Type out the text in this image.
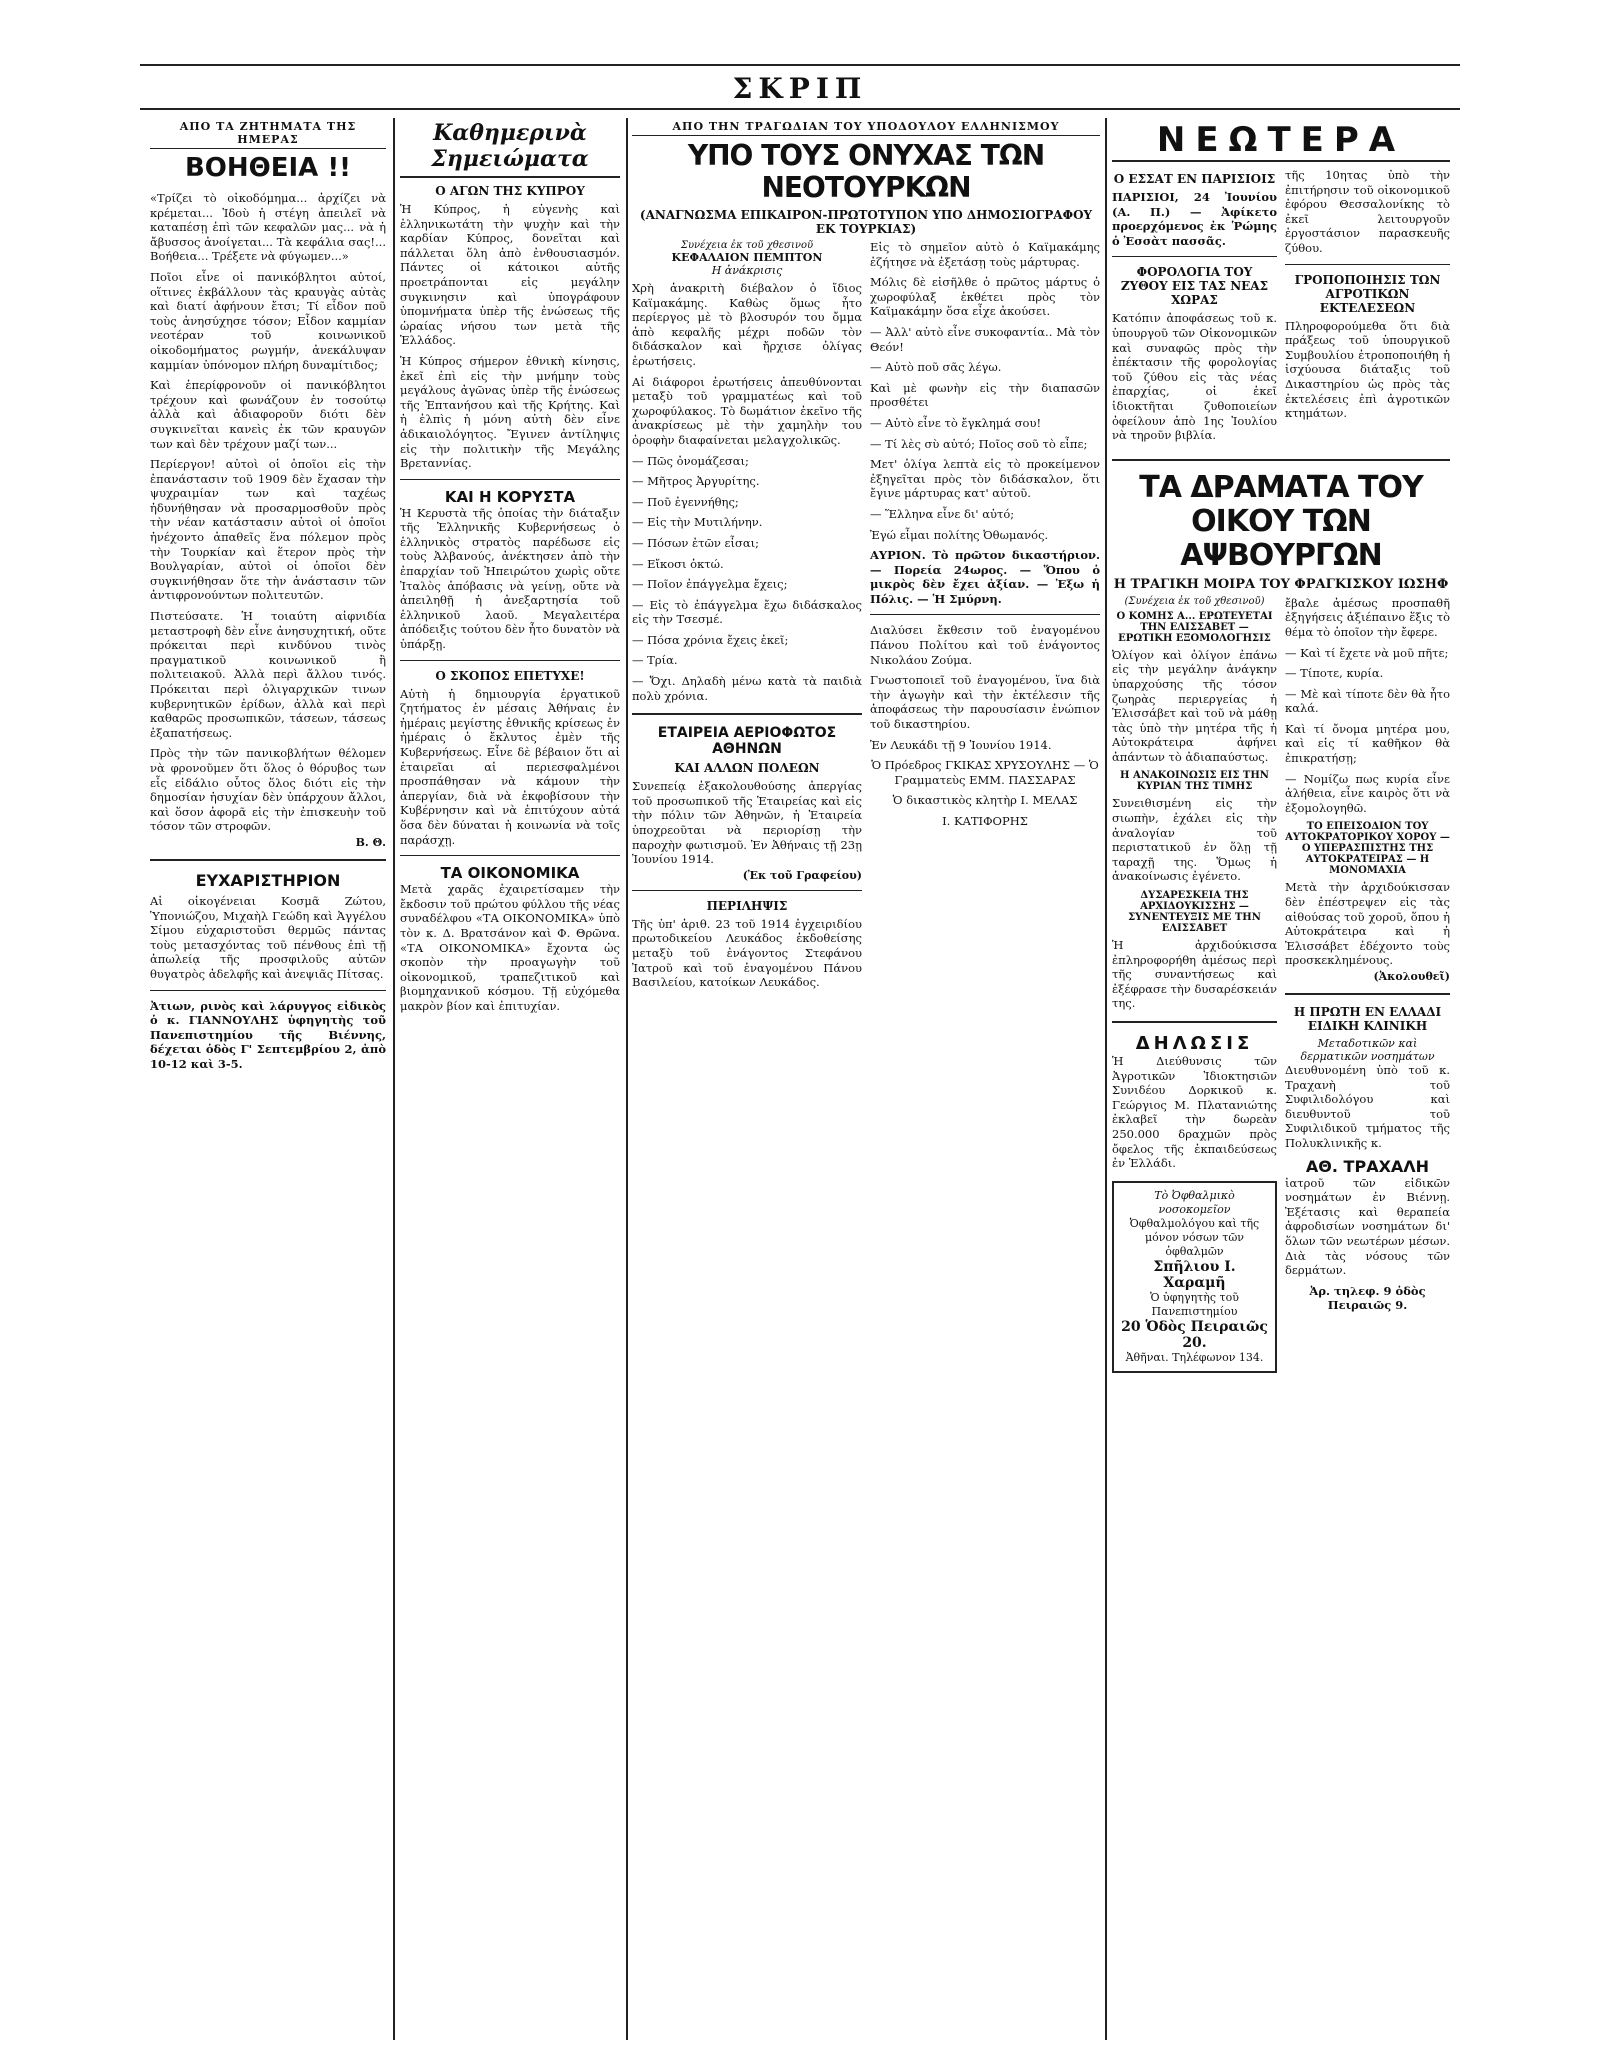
ΣΚΡΙΠ
ΑΠΟ ΤΑ ΖΗΤΗΜΑΤΑ ΤΗΣ ΗΜΕΡΑΣ
ΒΟΗΘΕΙΑ !!

«Τρίζει τὸ οἰκοδόμημα... ἀρχίζει νὰ κρέμεται... Ἰδοὺ ἡ στέγη ἀπειλεῖ νὰ καταπέσῃ ἐπὶ τῶν κεφαλῶν μας... νὰ ἡ ἄβυσσος ἀνοίγεται... Τὰ κεφάλια σας!... Βοήθεια... Τρέξετε νὰ φύγωμεν...»

Ποῖοι εἶνε οἱ πανικόβλητοι αὐτοί, οἵτινες ἐκβάλλουν τὰς κραυγὰς αὐτὰς καὶ διατί ἀφήνουν ἔτσι; Τί εἶδον ποῦ τοὺς ἀνησύχησε τόσον; Εἶδον καμμίαν νεοτέραν τοῦ κοινωνικοῦ οἰκοδομήματος ρωγμήν, ἀνεκάλυψαν καμμίαν ὑπόνομον πλήρη δυναμίτιδος;

Καὶ ἐπερίφρονοῦν οἱ πανικόβλητοι τρέχουν καὶ φωνάζουν ἐν τοσούτῳ ἀλλὰ καὶ ἀδιαφοροῦν διότι δὲν συγκινεῖται κανεὶς ἐκ τῶν κραυγῶν των καὶ δὲν τρέχουν μαζί των...

Περίεργον! αὐτοὶ οἱ ὁποῖοι εἰς τὴν ἐπανάστασιν τοῦ 1909 δὲν ἔχασαν τὴν ψυχραιμίαν των καὶ ταχέως ἠδυνήθησαν νὰ προσαρμοσθοῦν πρὸς τὴν νέαν κατάστασιν αὐτοὶ οἱ ὁποῖοι ἠνέχοντο ἀπαθεῖς ἕνα πόλεμον πρὸς τὴν Τουρκίαν καὶ ἕτερον πρὸς τὴν Βουλγαρίαν, αὐτοὶ οἱ ὁποῖοι δὲν συγκινήθησαν ὅτε τὴν ἀνάστασιν τῶν ἀντιφρονούντων πολιτευτῶν.

Πιστεύσατε. Ἡ τοιαύτη αἰφνιδία μεταστροφὴ δὲν εἶνε ἀνησυχητική, οὔτε πρόκειται περὶ κινδύνου τινὸς πραγματικοῦ κοινωνικοῦ ἢ πολιτειακοῦ. Ἀλλὰ περὶ ἄλλου τινός. Πρόκειται περὶ ὀλιγαρχικῶν τινων κυβερνητικῶν ἐρίδων, ἀλλὰ καὶ περὶ καθαρῶς προσωπικῶν, τάσεων, τάσεως ἐξαπατήσεως.

Πρὸς τὴν τῶν πανικοβλήτων θέλομεν νὰ φρονοῦμεν ὅτι ὅλος ὁ θόρυβος των εἶς εἰδάλιο οὗτος ὅλος διότι εἰς τὴν δημοσίαν ἡσυχίαν δὲν ὑπάρχουν ἄλλοι, καὶ ὅσον ἀφορᾶ εἰς τὴν ἐπισκευὴν τοῦ τόσον τῶν στροφῶν.

Β. Θ.
ΕΥΧΑΡΙΣΤΗΡΙΟΝ

Αἱ οἰκογένειαι Κοσμᾶ Ζώτου, Ὑπονιώζου, Μιχαὴλ Γεώδη καὶ Ἀγγέλου Σίμου εὐχαριστοῦσι θερμῶς πάντας τοὺς μετασχόντας τοῦ πένθους ἐπὶ τῇ ἀπωλείᾳ τῆς προσφιλοῦς αὐτῶν θυγατρὸς ἀδελφῆς καὶ ἀνεψιᾶς Πίτσας.

Ἀτιων, ρινὸς καὶ λάρυγγος εἰδικὸς ὁ κ. ΓΙΑΝΝΟΥΛΗΣ ὑφηγητὴς τοῦ Πανεπιστημίου τῆς Βιέννης, δέχεται ὁδὸς Γ' Σεπτεμβρίου 2, ἀπὸ 10-12 καὶ 3-5.

Καθημερινὰ Σημειώματα
Ο ΑΓΩΝ ΤΗΣ ΚΥΠΡΟΥ

Ἡ Κύπρος, ἡ εὐγενὴς καὶ ἑλληνικωτάτη τὴν ψυχὴν καὶ τὴν καρδίαν Κύπρος, δονεῖται καὶ πάλλεται ὅλη ἀπὸ ἐνθουσιασμόν. Πάντες οἱ κάτοικοι αὐτῆς προετράπονται εἰς μεγάλην συγκινησιν καὶ ὑπογράφουν ὑπομνήματα ὑπὲρ τῆς ἐνώσεως τῆς ὡραίας νήσου των μετὰ τῆς Ἑλλάδος.

Ἡ Κύπρος σήμερον ἐθνικὴ κίνησις, ἐκεῖ ἐπὶ εἰς τὴν μνήμην τοὺς μεγάλους ἀγῶνας ὑπὲρ τῆς ἑνώσεως τῆς Ἑπτανήσου καὶ τῆς Κρήτης. Καὶ ἡ ἐλπὶς ἡ μόνη αὐτὴ δὲν εἶνε ἀδικαιολόγητος. Ἔγινεν ἀντίληψις εἰς τὴν πολιτικὴν τῆς Μεγάλης Βρεταννίας.

ΚΑΙ Η ΚΟΡΥΣΤΑ

Ἡ Κερυστὰ τῆς ὁποίας τὴν διάταξιν τῆς Ἑλληνικῆς Κυβερνήσεως ὁ ἑλληνικὸς στρατὸς παρέδωσε εἰς τοὺς Ἀλβανούς, ἀνέκτησεν ἀπὸ τὴν ἐπαρχίαν τοῦ Ἠπειρώτου χωρὶς οὔτε Ἰταλὸς ἀπόβασις νὰ γείνῃ, οὔτε νὰ ἀπειληθῇ ἡ ἀνεξαρτησία τοῦ ἑλληνικοῦ λαοῦ. Μεγαλειτέρα ἀπόδειξις τούτου δὲν ἦτο δυνατὸν νὰ ὑπάρξῃ.

Ο ΣΚΟΠΟΣ ΕΠΕΤΥΧΕ!

Αὐτὴ ἡ δημιουργία ἐργατικοῦ ζητήματος ἐν μέσαις Ἀθήναις ἐν ἡμέραις μεγίστης ἐθνικῆς κρίσεως ἐν ἡμέραις ὁ ἔκλυτος ἐμὲν τῆς Κυβερνήσεως. Εἶνε δὲ βέβαιον ὅτι αἱ ἑταιρεῖαι αἱ περιεσφαλμένοι προσπάθησαν νὰ κάμουν τὴν ἀπεργίαν, διὰ νὰ ἐκφοβίσουν τὴν Κυβέρνησιν καὶ νὰ ἐπιτύχουν αὐτά ὅσα δὲν δύναται ἡ κοινωνία νὰ τοῖς παράσχῃ.

ΤΑ ΟΙΚΟΝΟΜΙΚΑ

Μετὰ χαρᾶς ἐχαιρετίσαμεν τὴν ἔκδοσιν τοῦ πρώτου φύλλου τῆς νέας συναδέλφου «ΤΑ ΟΙΚΟΝΟΜΙΚΑ» ὑπὸ τὸν κ. Δ. Βρατσάνον καὶ Φ. Θρῶνα. «ΤΑ ΟΙΚΟΝΟΜΙΚΑ» ἔχοντα ὡς σκοπὸν τὴν προαγωγὴν τοῦ οἰκονομικοῦ, τραπεζιτικοῦ καὶ βιομηχανικοῦ κόσμου. Τῇ εὐχόμεθα μακρὸν βίον καὶ ἐπιτυχίαν.

ΑΠΟ ΤΗΝ ΤΡΑΓΩΔΙΑΝ ΤΟΥ ΥΠΟΔΟΥΛΟΥ ΕΛΛΗΝΙΣΜΟΥ
ΥΠΟ ΤΟΥΣ ΟΝΥΧΑΣ ΤΩΝ ΝΕΟΤΟΥΡΚΩΝ
(ΑΝΑΓΝΩΣΜΑ ΕΠΙΚΑΙΡΟΝ-ΠΡΩΤΟΤΥΠΟΝ ΥΠΟ ΔΗΜΟΣΙΟΓΡΑΦΟΥ ΕΚ ΤΟΥΡΚΙΑΣ)
Συνέχεια ἐκ τοῦ χθεσινοῦ
ΚΕΦΑΛΑΙΟΝ ΠΕΜΠΤΟΝ
Η ἀνάκρισις

Χρὴ ἀνακριτὴ διέβαλον ὁ ἴδιος Καϊμακάμης. Καθὼς ὅμως ἦτο περίεργος μὲ τὸ βλοσυρόν του ὄμμα ἀπὸ κεφαλῆς μέχρι ποδῶν τὸν διδάσκαλον καὶ ἤρχισε ὀλίγας ἐρωτήσεις.

Αἱ διάφοροι ἐρωτήσεις ἀπευθύνονται μεταξὺ τοῦ γραμματέως καὶ τοῦ χωροφύλακος. Τὸ δωμάτιον ἐκεῖνο τῆς ἀνακρίσεως μὲ τὴν χαμηλὴν του ὀροφὴν διαφαίνεται μελαγχολικῶς.

— Πῶς ὀνομάζεσαι;

— Μῆτρος Ἀργυρίτης.

— Ποῦ ἐγεννήθης;

— Εἰς τὴν Μυτιλήνην.

— Πόσων ἐτῶν εἶσαι;

— Εἴκοσι ὀκτώ.

— Ποῖον ἐπάγγελμα ἔχεις;

— Εἰς τὸ ἐπάγγελμα ἔχω διδάσκαλος εἰς τὴν Τσεσμέ.

— Πόσα χρόνια ἔχεις ἐκεῖ;

— Τρία.

— Ὄχι. Δηλαδὴ μένω κατὰ τὰ παιδιὰ πολὺ χρόνια.

ΕΤΑΙΡΕΙΑ ΑΕΡΙΟΦΩΤΟΣ ΑΘΗΝΩΝ
ΚΑΙ ΑΛΛΩΝ ΠΟΛΕΩΝ

Συνεπείᾳ ἐξακολουθούσης ἀπεργίας τοῦ προσωπικοῦ τῆς Ἑταιρείας καὶ εἰς τὴν πόλιν τῶν Ἀθηνῶν, ἡ Ἑταιρεία ὑποχρεοῦται νὰ περιορίσῃ τὴν παροχὴν φωτισμοῦ. Ἐν Ἀθήναις τῇ 23ῃ Ἰουνίου 1914.

(Ἐκ τοῦ Γραφείου)
ΠΕΡΙΛΗΨΙΣ

Τῆς ὑπ' ἀριθ. 23 τοῦ 1914 ἐγχειριδίου πρωτοδικείου Λευκάδος ἐκδοθείσης μεταξὺ τοῦ ἐνάγοντος Στεφάνου Ἰατροῦ καὶ τοῦ ἐναγομένου Πάνου Βασιλείου, κατοίκων Λευκάδος.

Εἰς τὸ σημεῖον αὐτὸ ὁ Καϊμακάμης ἐζήτησε νὰ ἐξετάσῃ τοὺς μάρτυρας.

Μόλις δὲ εἰσῆλθε ὁ πρῶτος μάρτυς ὁ χωροφύλαξ ἐκθέτει πρὸς τὸν Καϊμακάμην ὅσα εἶχε ἀκούσει.

— Ἀλλ' αὐτὸ εἶνε συκοφαντία.. Μὰ τὸν Θεόν!

— Αὐτὸ ποῦ σᾶς λέγω.

Καὶ μὲ φωνὴν εἰς τὴν διαπασῶν προσθέτει

— Αὐτὸ εἶνε τὸ ἔγκλημά σου!

— Τί λὲς σὺ αὐτό; Ποῖος σοῦ τὸ εἶπε;

Μετ' ὀλίγα λεπτὰ εἰς τὸ προκείμενον ἐξηγεῖται πρὸς τὸν διδάσκαλον, ὅτι ἔγινε μάρτυρας κατ' αὐτοῦ.

— Ἕλληνα εἶνε δι' αὐτό;

Ἐγώ εἶμαι πολίτης Ὀθωμανός.

ΑΥΡΙΟΝ. Τὸ πρῶτον δικαστήριον. — Πορεία 24ωρος. — Ὅπου ὁ μικρὸς δὲν ἔχει ἀξίαν. — Ἐξω ἡ Πόλις. — Ἡ Σμύρνη.

Διαλύσει ἔκθεσιν τοῦ ἐναγομένου Πάνου Πολίτου καὶ τοῦ ἐνάγοντος Νικολάου Ζούμα.

Γνωστοποιεῖ τοῦ ἐναγομένου, ἵνα διὰ τὴν ἀγωγὴν καὶ τὴν ἐκτέλεσιν τῆς ἀποφάσεως τὴν παρουσίασιν ἐνώπιον τοῦ δικαστηρίου.

Ἐν Λευκάδι τῇ 9 Ἰουνίου 1914.

Ὁ Πρόεδρος ΓΚΙΚΑΣ ΧΡΥΣΟΥΛΗΣ — Ὁ Γραμματεὺς ΕΜΜ. ΠΑΣΣΑΡΑΣ

Ὁ δικαστικὸς κλητὴρ Ι. ΜΕΛΑΣ

Ι. ΚΑΤΙΦΟΡΗΣ

ΝΕΩΤΕΡΑ
Ο ΕΣΣΑΤ ΕΝ ΠΑΡΙΣΙΟΙΣ

ΠΑΡΙΣΙΟΙ, 24 Ἰουνίου (Α. Π.) — Ἀφίκετο προερχόμενος ἐκ Ῥώμης ὁ Ἐσσὰτ πασσᾶς.

ΦΟΡΟΛΟΓΙΑ ΤΟΥ ΖΥΘΟΥ ΕΙΣ ΤΑΣ ΝΕΑΣ ΧΩΡΑΣ

Κατόπιν ἀποφάσεως τοῦ κ. ὑπουργοῦ τῶν Οἰκονομικῶν καὶ συναφῶς πρὸς τὴν ἐπέκτασιν τῆς φορολογίας τοῦ ζύθου εἰς τὰς νέας ἐπαρχίας, οἱ ἐκεῖ ἰδιοκτῆται ζυθοποιείων ὀφείλουν ἀπὸ 1ης Ἰουλίου νὰ τηροῦν βιβλία.

τῆς 10ητας ὑπὸ τὴν ἐπιτήρησιν τοῦ οἰκονομικοῦ ἐφόρου Θεσσαλονίκης τὸ ἐκεῖ λειτουργοῦν ἐργοστάσιον παρασκευῆς ζύθου.

ΓΡΟΠΟΠΟΙΗΣΙΣ ΤΩΝ ΑΓΡΟΤΙΚΩΝ ΕΚΤΕΛΕΣΕΩΝ

Πληροφορούμεθα ὅτι διὰ πράξεως τοῦ ὑπουργικοῦ Συμβουλίου ἐτροποποιήθη ἡ ἰσχύουσα διάταξις τοῦ Δικαστηρίου ὡς πρὸς τὰς ἐκτελέσεις ἐπὶ ἀγροτικῶν κτημάτων.

ΤΑ ΔΡΑΜΑΤΑ ΤΟΥ ΟΙΚΟΥ ΤΩΝ ΑΨΒΟΥΡΓΩΝ
Η ΤΡΑΓΙΚΗ ΜΟΙΡΑ ΤΟΥ ΦΡΑΓΚΙΣΚΟΥ ΙΩΣΗΦ
(Συνέχεια ἐκ τοῦ χθεσινοῦ)
Ο ΚΟΜΗΣ Α... ΕΡΩΤΕΥΕΤΑΙ ΤΗΝ ΕΛΙΣΣΑΒΕΤ — ΕΡΩΤΙΚΗ ΕΞΟΜΟΛΟΓΗΣΙΣ

Ὀλίγον καὶ ὀλίγον ἐπάνω εἰς τὴν μεγάλην ἀνάγκην ὑπαρχούσης τῆς τόσον ζωηρὰς περιεργείας ἡ Ἐλισσάβετ καὶ τοῦ νὰ μάθῃ τὰς ὑπὸ τὴν μητέρα τῆς ἡ Αὐτοκράτειρα ἀφήνει ἀπάντων τὸ ἀδιαπαύστως.

Η ΑΝΑΚΟΙΝΩΣΙΣ ΕΙΣ ΤΗΝ ΚΥΡΙΑΝ ΤΗΣ ΤΙΜΗΣ

Συνειθισμένη εἰς τὴν σιωπὴν, ἐχάλει εἰς τὴν ἀναλογίαν τοῦ περιστατικοῦ ἐν ὅλῃ τῇ ταραχῇ της. Ὅμως ἡ ἀνακοίνωσις ἐγένετο.

ΔΥΣΑΡΕΣΚΕΙΑ ΤΗΣ ΑΡΧΙΔΟΥΚΙΣΣΗΣ — ΣΥΝΕΝΤΕΥΞΙΣ ΜΕ ΤΗΝ ΕΛΙΣΣΑΒΕΤ

Ἡ ἀρχιδούκισσα ἐπληροφορήθη ἀμέσως περὶ τῆς συναντήσεως καὶ ἐξέφρασε τὴν δυσαρέσκειάν της.

ΔΗΛΩΣΙΣ

Ἡ Διεύθυνσις τῶν Ἀγροτικῶν Ἰδιοκτησιῶν Συνιδέου Δορκικοῦ κ. Γεώργιος Μ. Πλατανιώτης ἐκλαβεῖ τὴν δωρεὰν 250.000 δραχμῶν πρὸς ὄφελος τῆς ἐκπαιδεύσεως ἐν Ἑλλάδι.

Τὸ Ὀφθαλμικὸ νοσοκομεῖον
Ὀφθαλμολόγου καὶ τῆς μόνον νόσων τῶν ὀφθαλμῶν
Σπῆλιου Ι. Χαραμῆ
Ὁ ὑφηγητὴς τοῦ Πανεπιστημίου
20 Ὁδὸς Πειραιῶς 20.
Ἀθῆναι. Τηλέφωνον 134.

ἔβαλε ἀμέσως προσπαθῆ ἐξηγήσεις ἀξιέπαινο ἕξις τὸ θέμα τὸ ὁποῖον τὴν ἔφερε.

— Καὶ τί ἔχετε νὰ μοῦ πῆτε;

— Τίποτε, κυρία.

— Μὲ καὶ τίποτε δὲν θὰ ἦτο καλά.

Καὶ τί ὄνομα μητέρα μου, καὶ εἰς τί καθῆκον θὰ ἐπικρατήσῃ;

— Νομίζω πως κυρία εἶνε ἀλήθεια, εἶνε καιρὸς ὅτι νὰ ἐξομολογηθῶ.

ΤΟ ΕΠΕΙΣΟΔΙΟΝ ΤΟΥ ΑΥΤΟΚΡΑΤΟΡΙΚΟΥ ΧΟΡΟΥ — Ο ΥΠΕΡΑΣΠΙΣΤΗΣ ΤΗΣ ΑΥΤΟΚΡΑΤΕΙΡΑΣ — Η ΜΟΝΟΜΑΧΙΑ

Μετὰ τὴν ἀρχιδούκισσαν δὲν ἐπέστρεψεν εἰς τὰς αἰθούσας τοῦ χοροῦ, ὅπου ἡ Αὐτοκράτειρα καὶ ἡ Ἐλισσάβετ ἐδέχοντο τοὺς προσκεκλημένους.

(Ἀκολουθεῖ)
Η ΠΡΩΤΗ ΕΝ ΕΛΛΑΔΙ ΕΙΔΙΚΗ ΚΛΙΝΙΚΗ
Μεταδοτικῶν καὶ δερματικῶν νοσημάτων

Διευθυνομένη ὑπὸ τοῦ κ. Τραχανὴ τοῦ Συφιλιδολόγου καὶ διευθυντοῦ τοῦ Συφιλιδικοῦ τμήματος τῆς Πολυκλινικῆς κ.

ΑΘ. ΤΡΑΧΑΛΗ

ἰατροῦ τῶν εἰδικῶν νοσημάτων ἐν Βιέννῃ. Ἐξέτασις καὶ θεραπεία ἀφροδισίων νοσημάτων δι' ὅλων τῶν νεωτέρων μέσων. Διὰ τὰς νόσους τῶν δερμάτων.

Ἀρ. τηλεφ. 9 ὁδὸς Πειραιῶς 9.
